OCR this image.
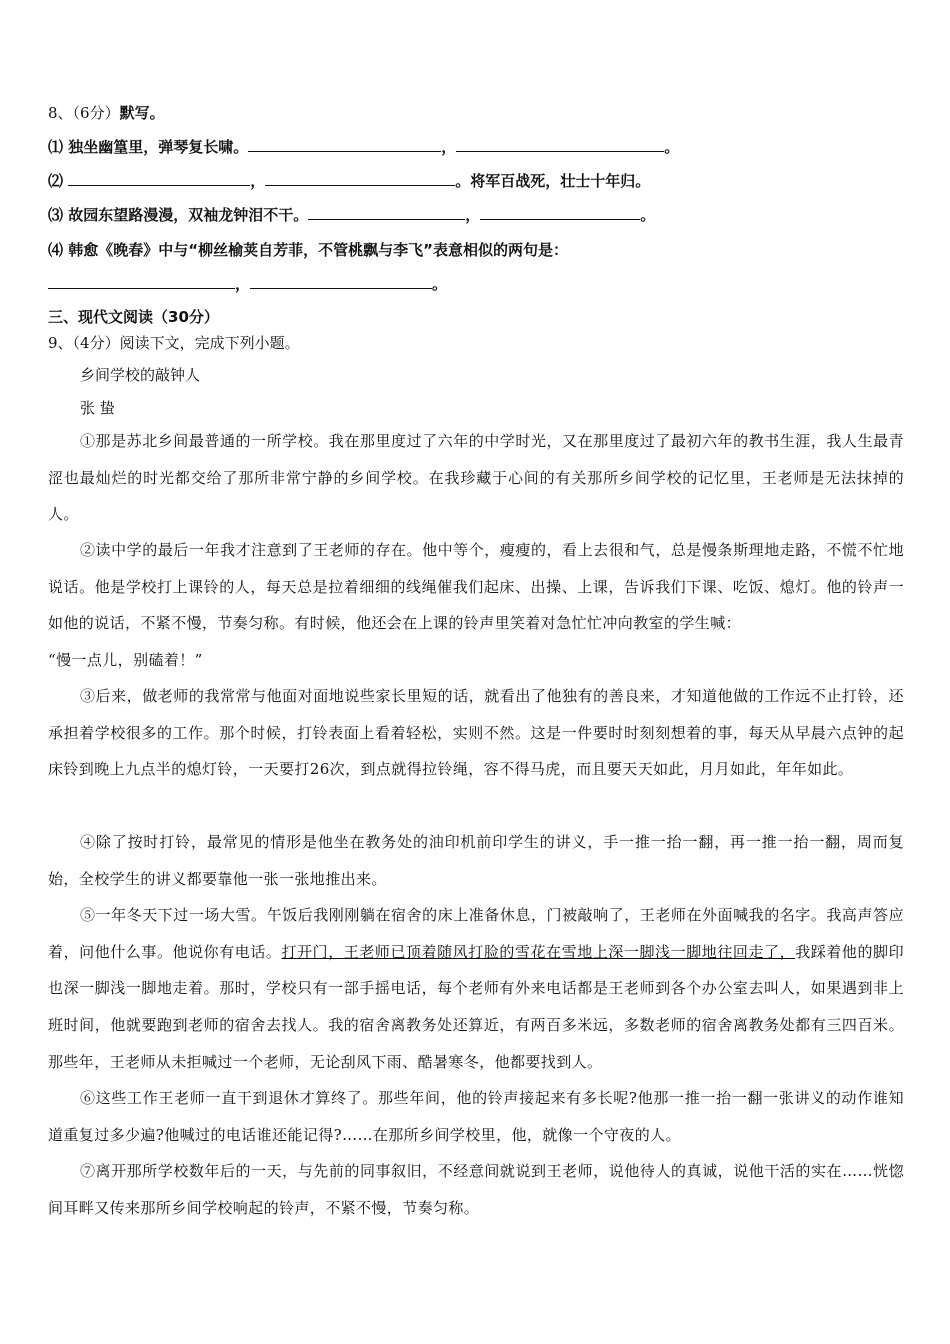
8、（6分）默写。
⑴ 独坐幽篁里，弹琴复长啸。	，	。
⑵	，	。将军百战死，壮士十年归。
⑶ 故园东望路漫漫，双袖龙钟泪不干。	，	。
⑷ 韩愈《晚春》中与“柳丝榆荚自芳菲，不管桃飘与李飞”表意相似的两句是：
，	。
三、现代文阅读（30分）
9、（4分）阅读下文，完成下列小题。
乡间学校的敲钟人
张 蛰
①那是苏北乡间最普通的一所学校。我在那里度过了六年的中学时光，又在那里度过了最初六年的教书生涯，我人生最青涩也最灿烂的时光都交给了那所非常宁静的乡间学校。在我珍藏于心间的有关那所乡间学校的记忆里，王老师是无法抹掉的人。
②读中学的最后一年我才注意到了王老师的存在。他中等个，瘦瘦的，看上去很和气，总是慢条斯理地走路，不慌不忙地说话。他是学校打上课铃的人，每天总是拉着细细的线绳催我们起床、出操、上课，告诉我们下课、吃饭、熄灯。他的铃声一如他的说话，不紧不慢，节奏匀称。有时候，他还会在上课的铃声里笑着对急忙忙冲向教室的学生喊：
“慢一点儿，别磕着！”
③后来，做老师的我常常与他面对面地说些家长里短的话，就看出了他独有的善良来，才知道他做的工作远不止打铃，还承担着学校很多的工作。那个时候，打铃表面上看着轻松，实则不然。这是一件要时时刻刻想着的事，每天从早晨六点钟的起床铃到晚上九点半的熄灯铃，一天要打26次，到点就得拉铃绳，容不得马虎，而且要天天如此，月月如此，年年如此。
④除了按时打铃，最常见的情形是他坐在教务处的油印机前印学生的讲义，手一推一抬一翻，再一推一抬一翻，周而复始，全校学生的讲义都要靠他一张一张地推出来。
⑤一年冬天下过一场大雪。午饭后我刚刚躺在宿舍的床上准备休息，门被敲响了，王老师在外面喊我的名字。我高声答应着，问他什么事。他说你有电话。打开门，王老师已顶着随风打脸的雪花在雪地上深一脚浅一脚地往回走了，我踩着他的脚印也深一脚浅一脚地走着。那时，学校只有一部手摇电话，每个老师有外来电话都是王老师到各个办公室去叫人，如果遇到非上班时间，他就要跑到老师的宿舍去找人。我的宿舍离教务处还算近，有两百多米远，多数老师的宿舍离教务处都有三四百米。那些年，王老师从未拒喊过一个老师，无论刮风下雨、酷暑寒冬，他都要找到人。
⑥这些工作王老师一直干到退休才算终了。那些年间，他的铃声接起来有多长呢?他那一推一抬一翻一张讲义的动作谁知道重复过多少遍?他喊过的电话谁还能记得?……在那所乡间学校里，他，就像一个守夜的人。
⑦离开那所学校数年后的一天，与先前的同事叙旧，不经意间就说到王老师，说他待人的真诚，说他干活的实在……恍惚间耳畔又传来那所乡间学校响起的铃声，不紧不慢，节奏匀称。
